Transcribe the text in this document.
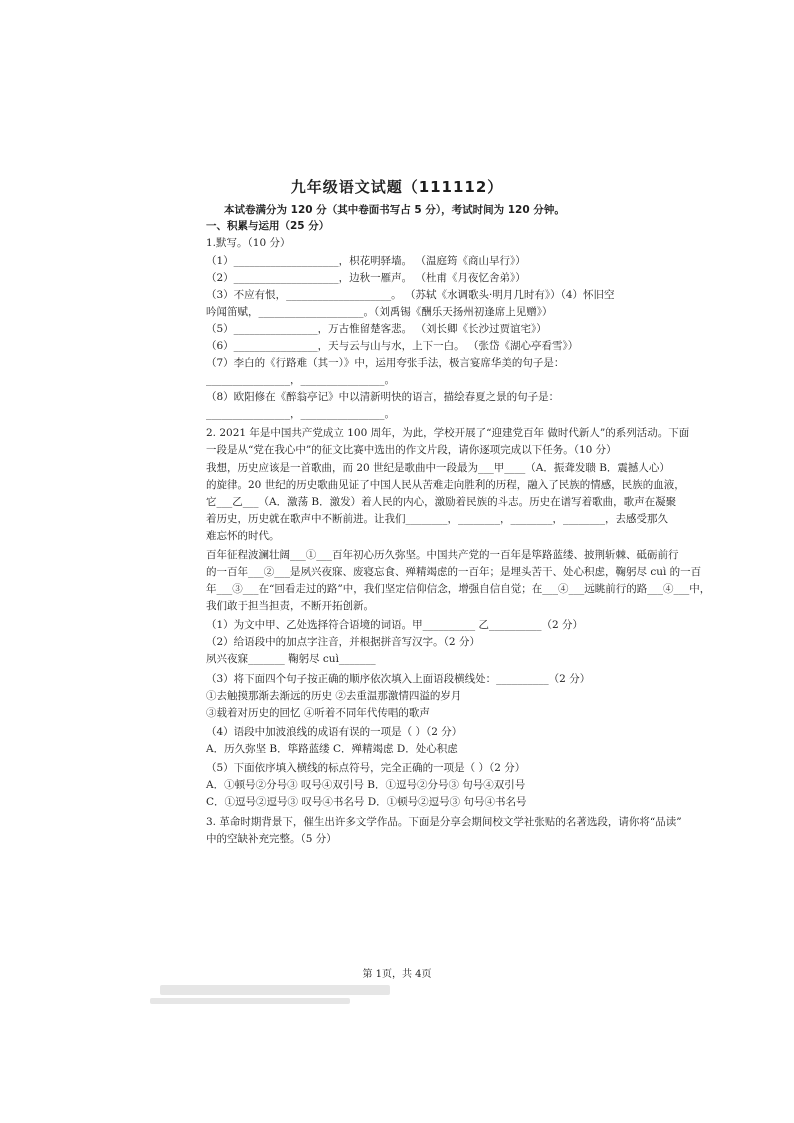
九年级语文试题（111112）
本试卷满分为 120 分（其中卷面书写占 5 分），考试时间为 120 分钟。
一、积累与运用（25 分）
1.默写。（10 分）
（1）____________________，枳花明驿墙。 （温庭筠《商山早行》）
（2）____________________，边秋一雁声。 （杜甫《月夜忆舍弟》）
（3）不应有恨，____________________。 （苏轼《水调歌头·明月几时有》）（4）怀旧空
吟闻笛赋，____________________。（刘禹锡《酬乐天扬州初逢席上见赠》）
（5）________________，万古惟留楚客悲。 （刘长卿《长沙过贾谊宅》）
（6）________________，天与云与山与水，上下一白。 （张岱《湖心亭看雪》）
（7）李白的《行路难（其一）》中，运用夸张手法，极言宴席华美的句子是：
________________，________________。
（8）欧阳修在《醉翁亭记》中以清新明快的语言，描绘春夏之景的句子是：
________________，________________。
2. 2021 年是中国共产党成立 100 周年，为此，学校开展了“迎建党百年 做时代新人”的系列活动。下面
一段是从“党在我心中”的征文比赛中选出的作文片段，请你逐项完成以下任务。（10 分）
我想，历史应该是一首歌曲，而 20 世纪是歌曲中一段最为___甲____（A．振聋发聩 B．震撼人心）
的旋律。20 世纪的历史歌曲见证了中国人民从苦难走向胜利的历程，融入了民族的情感，民族的血液，
它___乙___（A．激荡 B．激发）着人民的内心，激励着民族的斗志。历史在谱写着歌曲，歌声在凝聚
着历史，历史就在歌声中不断前进。让我们________，________，________，________，去感受那久
难忘怀的时代。
百年征程波澜壮阔___①___百年初心历久弥坚。中国共产党的一百年是筚路蓝缕、披荆斩棘、砥砺前行
的一百年___②___是夙兴夜寐、废寝忘食、殚精竭虑的一百年；是埋头苦干、处心积虑，鞠躬尽 cuì 的一百
年___③___在“回看走过的路”中，我们坚定信仰信念，增强自信自觉；在___④___远眺前行的路___④___中，
我们敢于担当担责，不断开拓创新。
（1）为文中甲、乙处选择符合语境的词语。甲__________ 乙__________（2 分）
（2）给语段中的加点字注音，并根据拼音写汉字。（2 分）
夙兴夜寐_______ 鞠躬尽 cuì_______
（3）将下面四个句子按正确的顺序依次填入上面语段横线处：__________（2 分）
①去触摸那渐去渐远的历史 ②去重温那激情四溢的岁月
③载着对历史的回忆 ④听着不同年代传唱的歌声
（4）语段中加波浪线的成语有误的一项是（ ）（2 分）
A．历久弥坚 B．筚路蓝缕 C．殚精竭虑 D．处心积虑
（5）下面依序填入横线的标点符号，完全正确的一项是（ ）（2 分）
A．①顿号②分号③ 叹号④双引号 B．①逗号②分号③ 句号④双引号
C．①逗号②逗号③ 叹号④书名号 D．①顿号②逗号③ 句号④书名号
3. 革命时期背景下，催生出许多文学作品。下面是分享会期间校文学社张贴的名著选段，请你将“品读”
中的空缺补充完整。（5 分）
第 1页，共 4页
